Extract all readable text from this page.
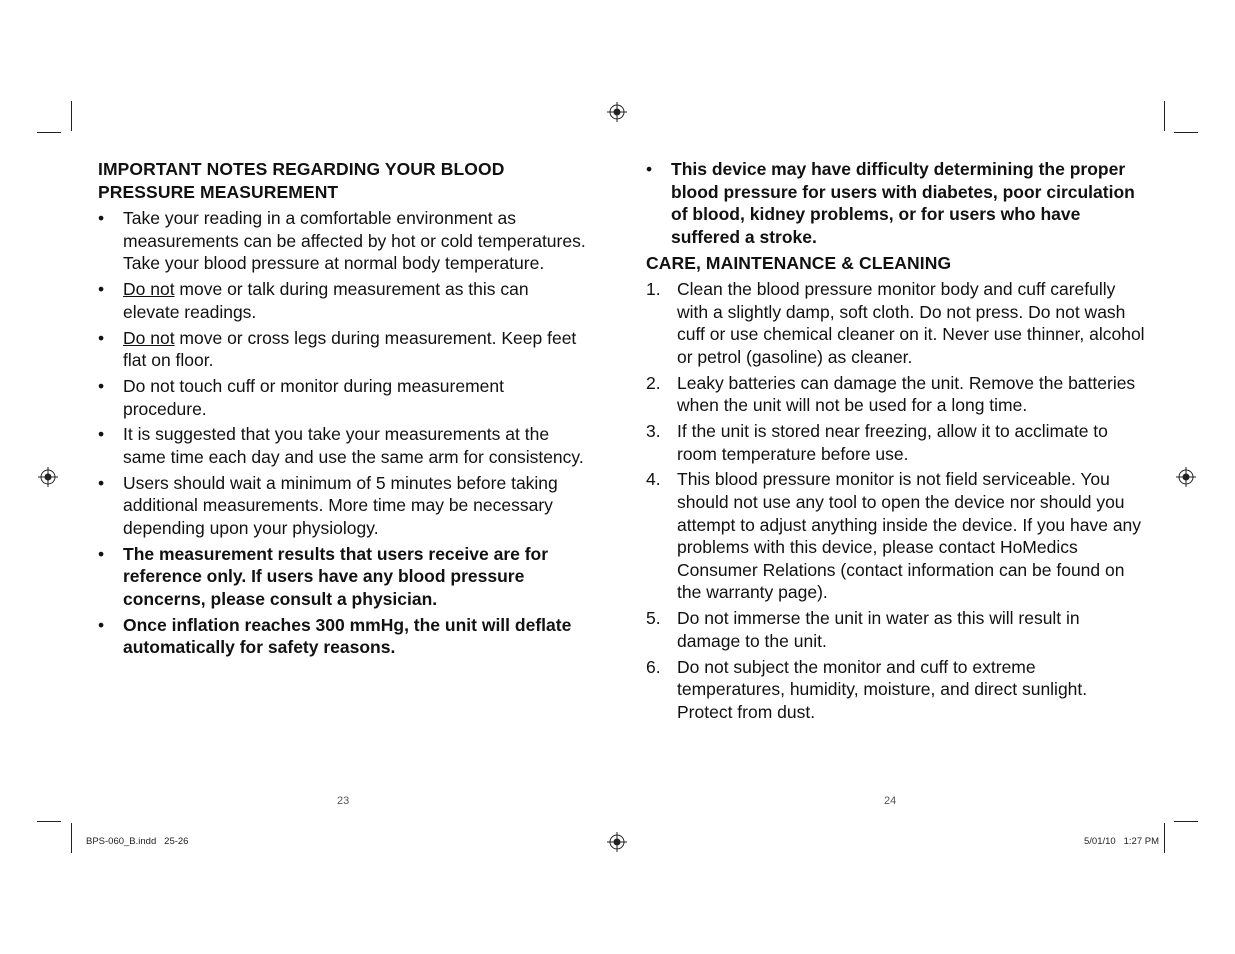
IMPORTANT NOTES REGARDING YOUR BLOOD
PRESSURE MEASUREMENT
•	Take your reading in a comfortable environment as measurements can be affected by hot or cold temperatures. Take your blood pressure at normal body temperature.
•	Do not move or talk during measurement as this can elevate readings.
•	Do not move or cross legs during measurement. Keep feet flat on floor.
•	Do not touch cuff or monitor during measurement procedure.
•	It is suggested that you take your measurements at the same time each day and use the same arm for consistency.
•	Users should wait a minimum of 5 minutes before taking additional measurements. More time may be necessary depending upon your physiology.
•	The measurement results that users receive are for reference only. If users have any blood pressure concerns, please consult a physician.
•	Once inflation reaches 300 mmHg, the unit will deflate automatically for safety reasons.
•	This device may have difficulty determining the proper blood pressure for users with diabetes, poor circulation of blood, kidney problems, or for users who have suffered a stroke.
CARE, MAINTENANCE & CLEANING
1. Clean the blood pressure monitor body and cuff carefully with a slightly damp, soft cloth. Do not press. Do not wash cuff or use chemical cleaner on it. Never use thinner, alcohol or petrol (gasoline) as cleaner.
2. Leaky batteries can damage the unit. Remove the batteries when the unit will not be used for a long time.
3. If the unit is stored near freezing, allow it to acclimate to room temperature before use.
4. This blood pressure monitor is not field serviceable. You should not use any tool to open the device nor should you attempt to adjust anything inside the device. If you have any problems with this device, please contact HoMedics Consumer Relations (contact information can be found on the warranty page).
5. Do not immerse the unit in water as this will result in damage to the unit.
6. Do not subject the monitor and cuff to extreme temperatures, humidity, moisture, and direct sunlight. Protect from dust.
23	24
BPS-060_B.indd   25-26	5/01/10   1:27 PM
